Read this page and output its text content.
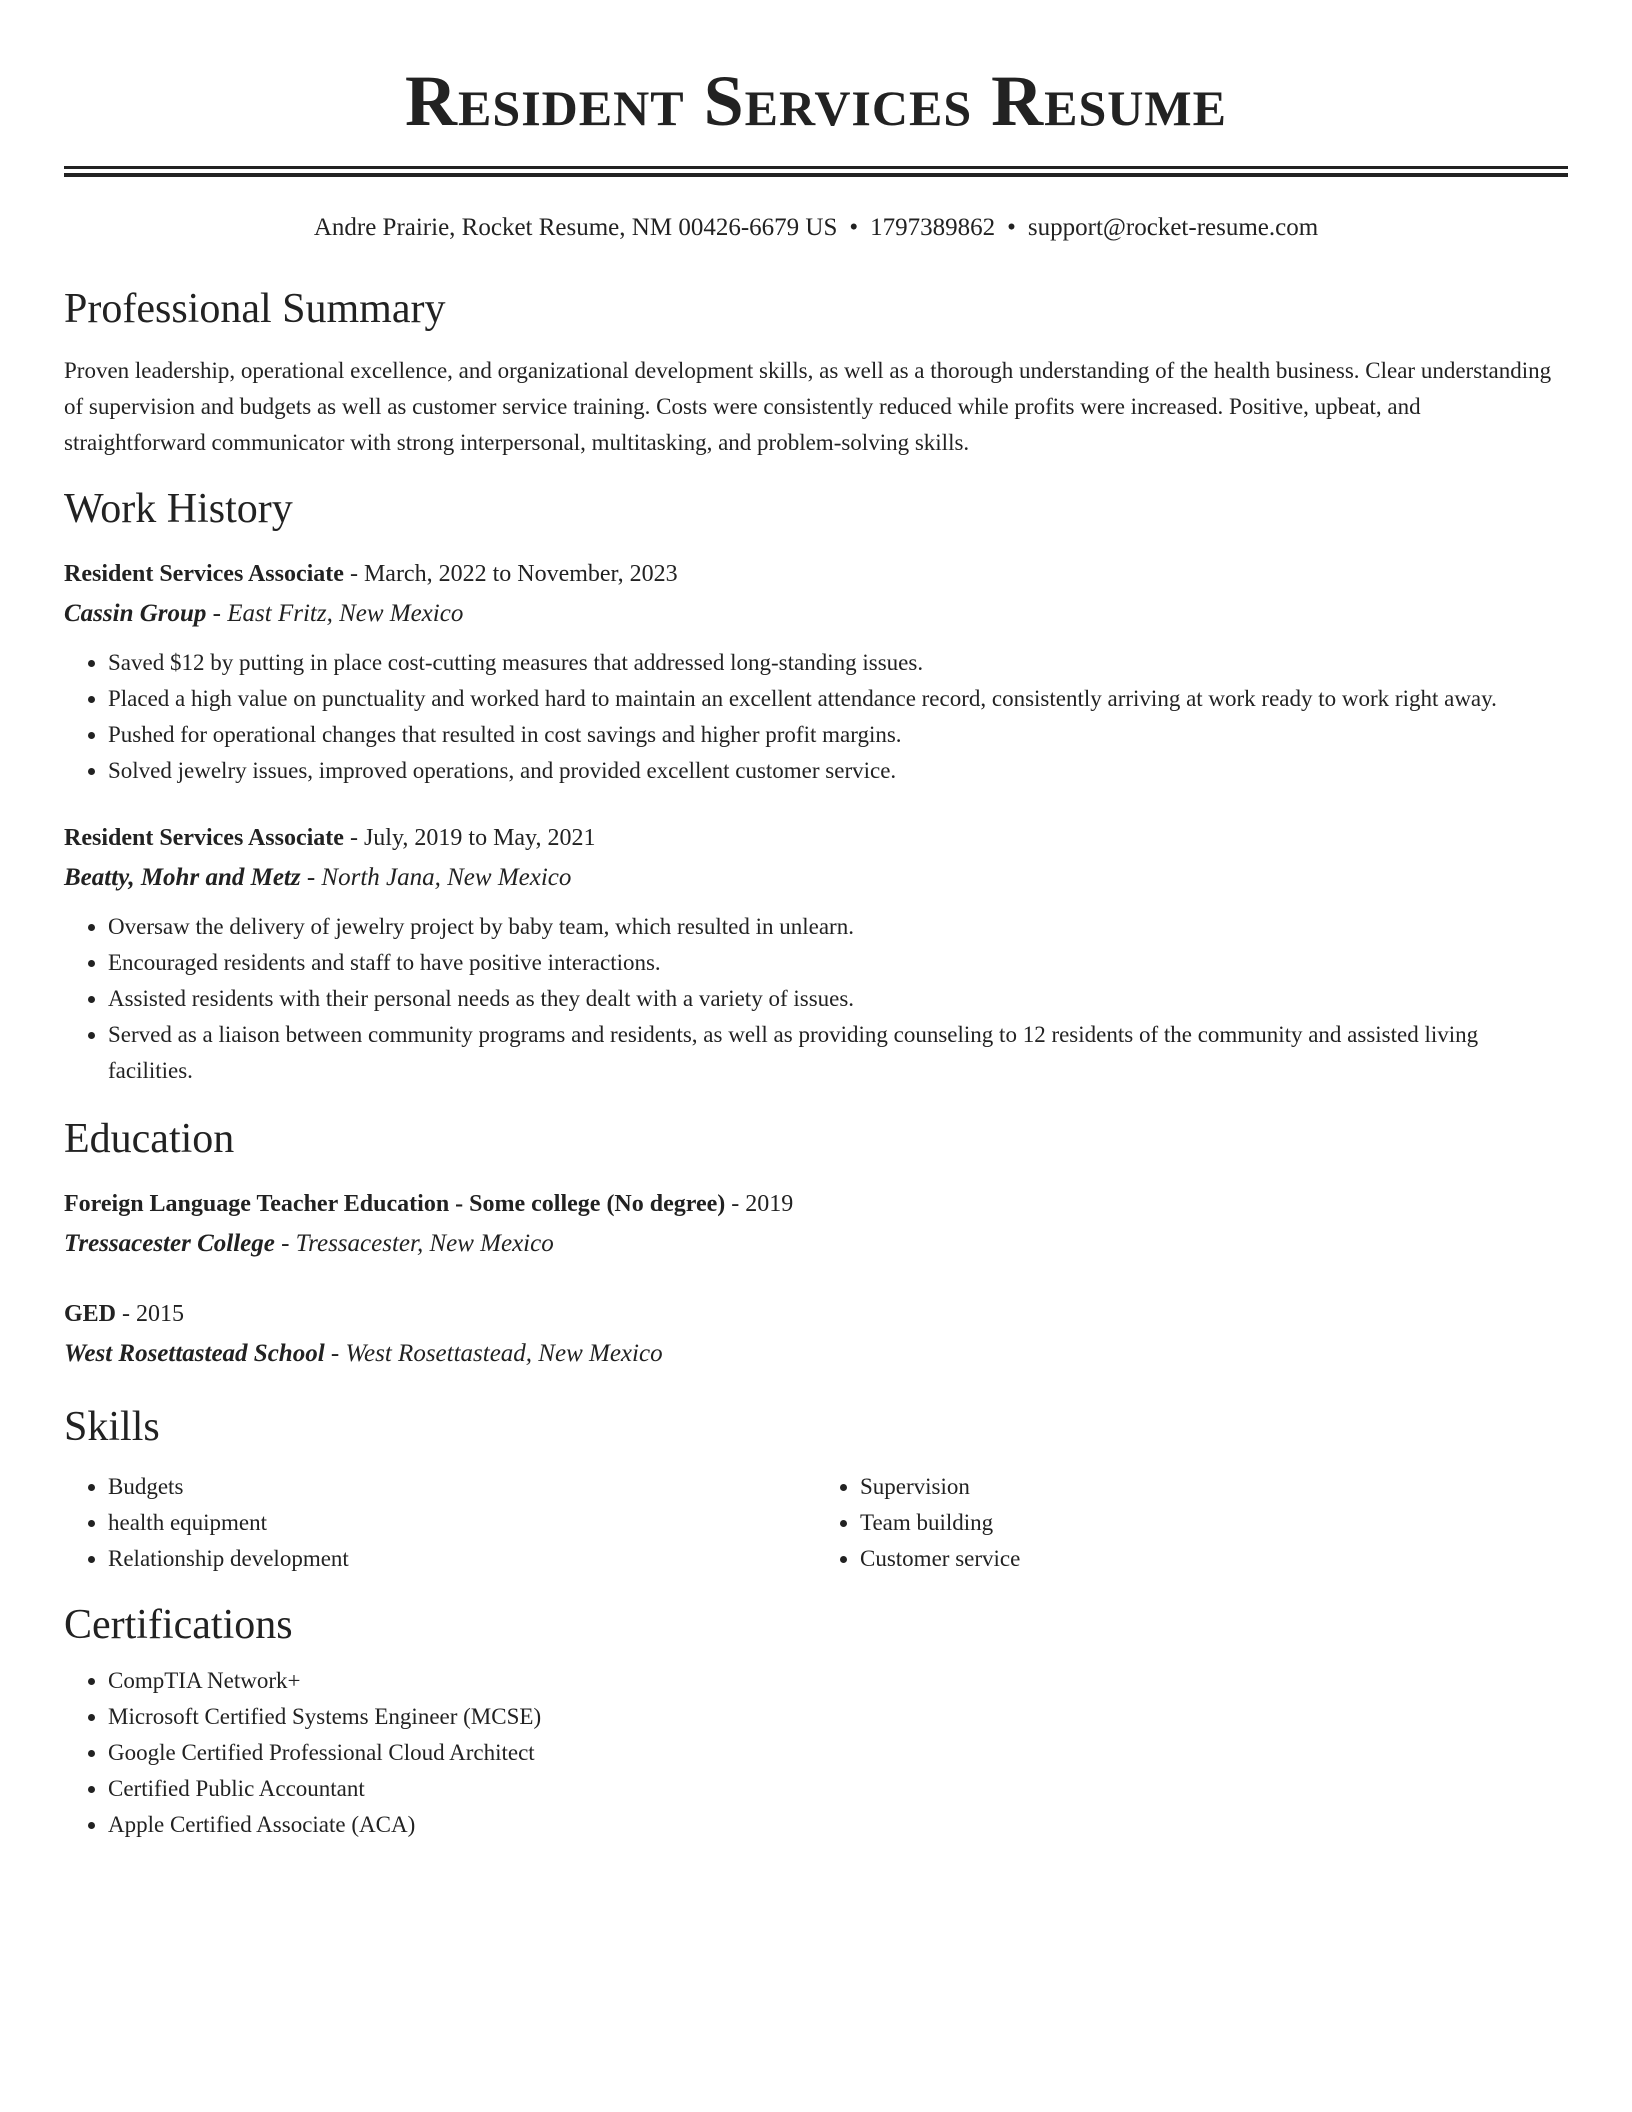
Resident Services Resume
Andre Prairie, Rocket Resume, NM 00426-6679 US • 1797389862 • support@rocket-resume.com
Professional Summary
Proven leadership, operational excellence, and organizational development skills, as well as a thorough understanding of the health business. Clear understanding of supervision and budgets as well as customer service training. Costs were consistently reduced while profits were increased. Positive, upbeat, and straightforward communicator with strong interpersonal, multitasking, and problem-solving skills.
Work History
Resident Services Associate - March, 2022 to November, 2023
Cassin Group - East Fritz, New Mexico
• Saved $12 by putting in place cost-cutting measures that addressed long-standing issues.
• Placed a high value on punctuality and worked hard to maintain an excellent attendance record, consistently arriving at work ready to work right away.
• Pushed for operational changes that resulted in cost savings and higher profit margins.
• Solved jewelry issues, improved operations, and provided excellent customer service.
Resident Services Associate - July, 2019 to May, 2021
Beatty, Mohr and Metz - North Jana, New Mexico
• Oversaw the delivery of jewelry project by baby team, which resulted in unlearn.
• Encouraged residents and staff to have positive interactions.
• Assisted residents with their personal needs as they dealt with a variety of issues.
• Served as a liaison between community programs and residents, as well as providing counseling to 12 residents of the community and assisted living facilities.
Education
Foreign Language Teacher Education - Some college (No degree) - 2019
Tressacester College - Tressacester, New Mexico
GED - 2015
West Rosettastead School - West Rosettastead, New Mexico
Skills
• Budgets
• health equipment
• Relationship development
• Supervision
• Team building
• Customer service
Certifications
• CompTIA Network+
• Microsoft Certified Systems Engineer (MCSE)
• Google Certified Professional Cloud Architect
• Certified Public Accountant
• Apple Certified Associate (ACA)
